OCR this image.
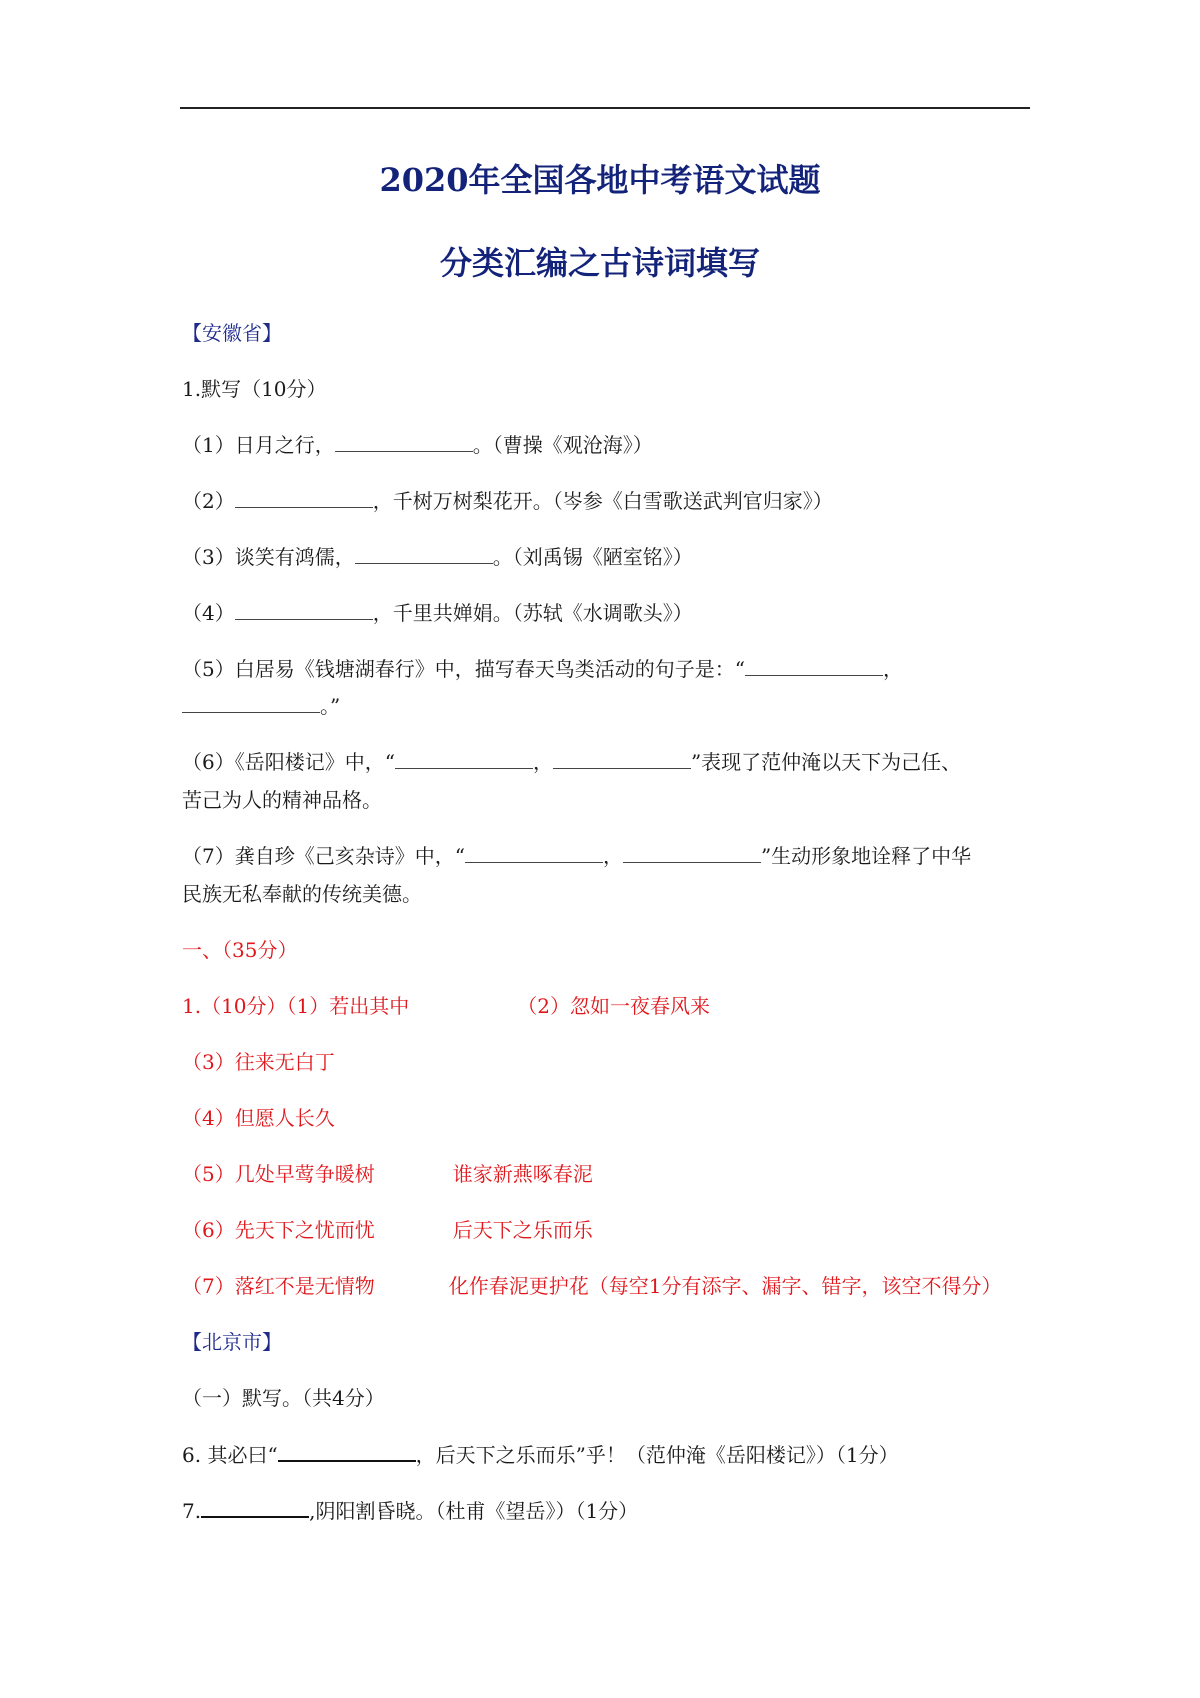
2020年全国各地中考语文试题
分类汇编之古诗词填写
【安徽省】
1.默写（10分）
（1）日月之行，	。（曹操《观沧海》）
（2）	，千树万树梨花开。（岑参《白雪歌送武判官归家》）
（3）谈笑有鸿儒，	。（刘禹锡《陋室铭》）
（4）	，千里共婵娟。（苏轼《水调歌头》）
（5）白居易《钱塘湖春行》中，描写春天鸟类活动的句子是：“	，
。”
（6）《岳阳楼记》中，“	，	”表现了范仲淹以天下为己任、
苦己为人的精神品格。
（7）龚自珍《己亥杂诗》中，“	，	”生动形象地诠释了中华
民族无私奉献的传统美德。
一、（35分）
1.（10分）（1）若出其中	（2）忽如一夜春风来
（3）往来无白丁
（4）但愿人长久
（5）几处早莺争暖树	谁家新燕啄春泥
（6）先天下之忧而忧	后天下之乐而乐
（7）落红不是无情物	化作春泥更护花（每空1分有添字、漏字、错字，该空不得分）
【北京市】
（一）默写。（共4分）
6. 其必曰“	，后天下之乐而乐”乎！（范仲淹《岳阳楼记》）（1分）
7.	,阴阳割昏晓。（杜甫《望岳》）（1分）
